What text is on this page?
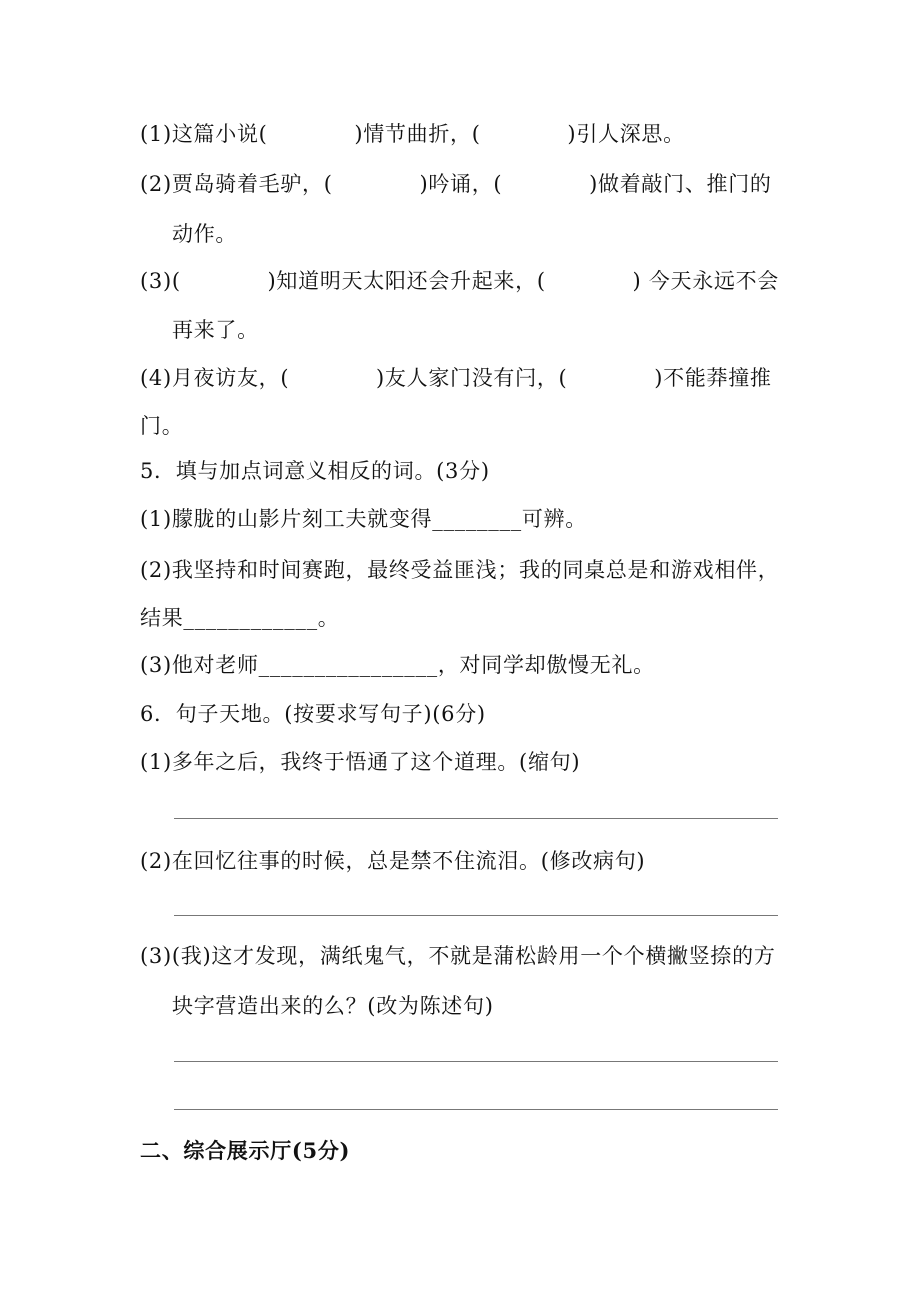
(1)这篇小说(　　　　)情节曲折，(　　　　)引人深思。
(2)贾岛骑着毛驴，(　　　　)吟诵，(　　　　)做着敲门、推门的
动作。
(3)(　　　　)知道明天太阳还会升起来，(　　　　) 今天永远不会
再来了。
(4)月夜访友，(　　　　)友人家门没有闩，(　　　　)不能莽撞推
门。
5．填与加点词意义相反的词。(3分)
(1)朦胧的山影片刻工夫就变得________可辨。
(2)我坚持和时间赛跑，最终受益匪浅；我的同桌总是和游戏相伴，
结果____________。
(3)他对老师________________，对同学却傲慢无礼。
6．句子天地。(按要求写句子)(6分)
(1)多年之后，我终于悟通了这个道理。(缩句)
(2)在回忆往事的时候，总是禁不住流泪。(修改病句)
(3)(我)这才发现，满纸鬼气，不就是蒲松龄用一个个横撇竖捺的方
块字营造出来的么？(改为陈述句)
二、综合展示厅(5分)
